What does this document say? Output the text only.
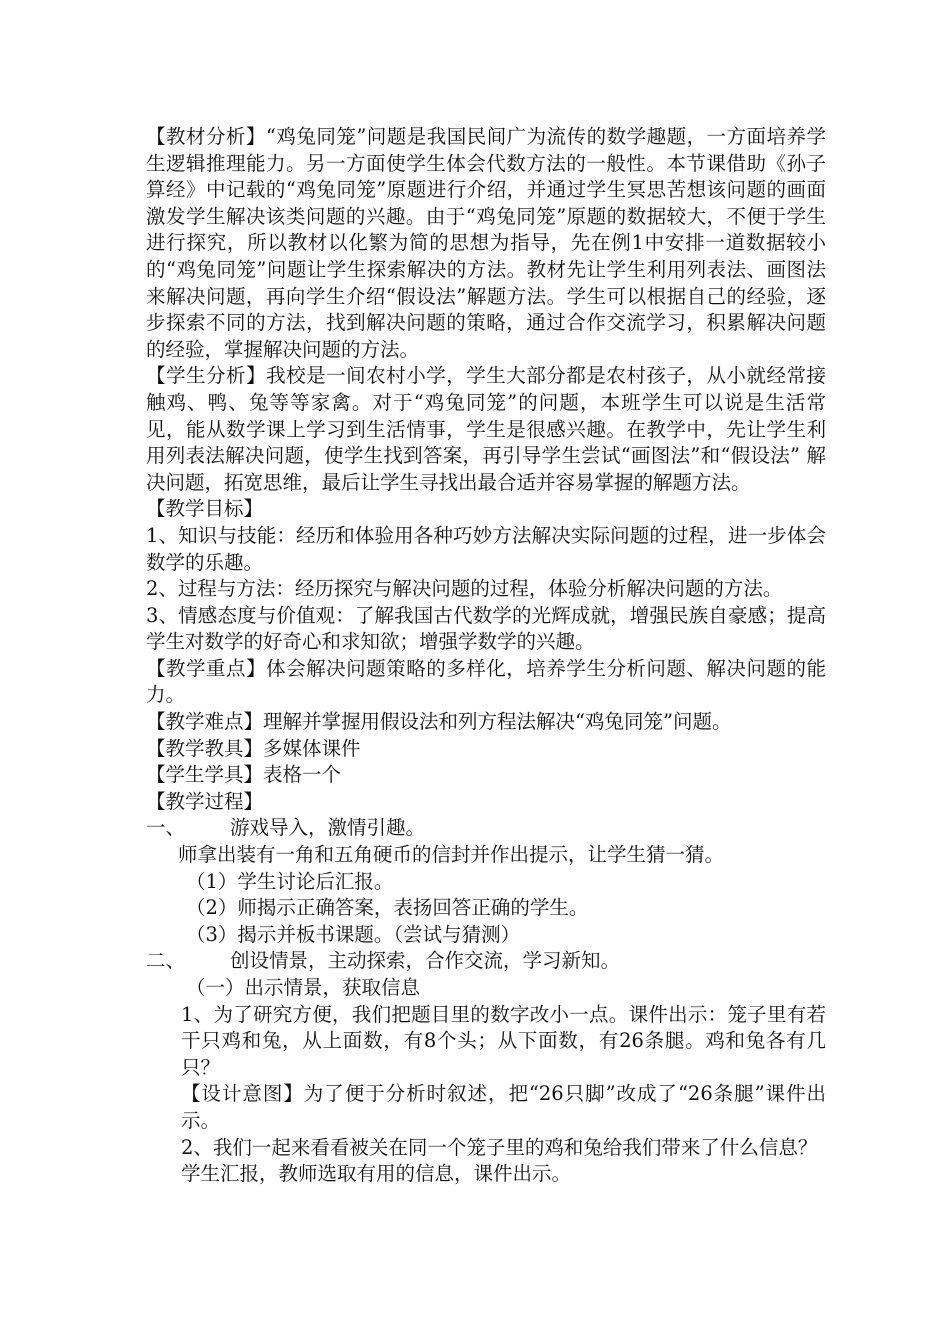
【教材分析】“鸡兔同笼”问题是我国民间广为流传的数学趣题，一方面培养学生逻辑推理能力。另一方面使学生体会代数方法的一般性。本节课借助《孙子算经》中记载的“鸡兔同笼”原题进行介绍，并通过学生冥思苦想该问题的画面激发学生解决该类问题的兴趣。由于“鸡兔同笼”原题的数据较大，不便于学生进行探究，所以教材以化繁为简的思想为指导，先在例1中安排一道数据较小的“鸡兔同笼”问题让学生探索解决的方法。教材先让学生利用列表法、画图法来解决问题，再向学生介绍“假设法”解题方法。学生可以根据自己的经验，逐步探索不同的方法，找到解决问题的策略，通过合作交流学习，积累解决问题的经验，掌握解决问题的方法。

【学生分析】我校是一间农村小学，学生大部分都是农村孩子，从小就经常接触鸡、鸭、兔等等家禽。对于“鸡兔同笼”的问题，本班学生可以说是生活常见，能从数学课上学习到生活情事，学生是很感兴趣。在教学中，先让学生利用列表法解决问题，使学生找到答案，再引导学生尝试“画图法”和“假设法” 解决问题，拓宽思维，最后让学生寻找出最合适并容易掌握的解题方法。

【教学目标】

1、知识与技能：经历和体验用各种巧妙方法解决实际问题的过程，进一步体会数学的乐趣。

2、过程与方法：经历探究与解决问题的过程，体验分析解决问题的方法。

3、情感态度与价值观：了解我国古代数学的光辉成就，增强民族自豪感；提高学生对数学的好奇心和求知欲；增强学数学的兴趣。

【教学重点】体会解决问题策略的多样化，培养学生分析问题、解决问题的能力。

【教学难点】理解并掌握用假设法和列方程法解决“鸡兔同笼”问题。

【教学教具】多媒体课件

【学生学具】表格一个

【教学过程】

一、 游戏导入，激情引趣。

师拿出装有一角和五角硬币的信封并作出提示，让学生猜一猜。

（1）学生讨论后汇报。

（2）师揭示正确答案，表扬回答正确的学生。

（3）揭示并板书课题。（尝试与猜测）

二、 创设情景，主动探索，合作交流，学习新知。

（一）出示情景，获取信息

1、为了研究方便，我们把题目里的数字改小一点。课件出示：笼子里有若干只鸡和兔，从上面数，有8个头；从下面数，有26条腿。鸡和兔各有几只？

【设计意图】为了便于分析时叙述，把“26只脚”改成了“26条腿”课件出示。

2、我们一起来看看被关在同一个笼子里的鸡和兔给我们带来了什么信息？

学生汇报，教师选取有用的信息，课件出示。
